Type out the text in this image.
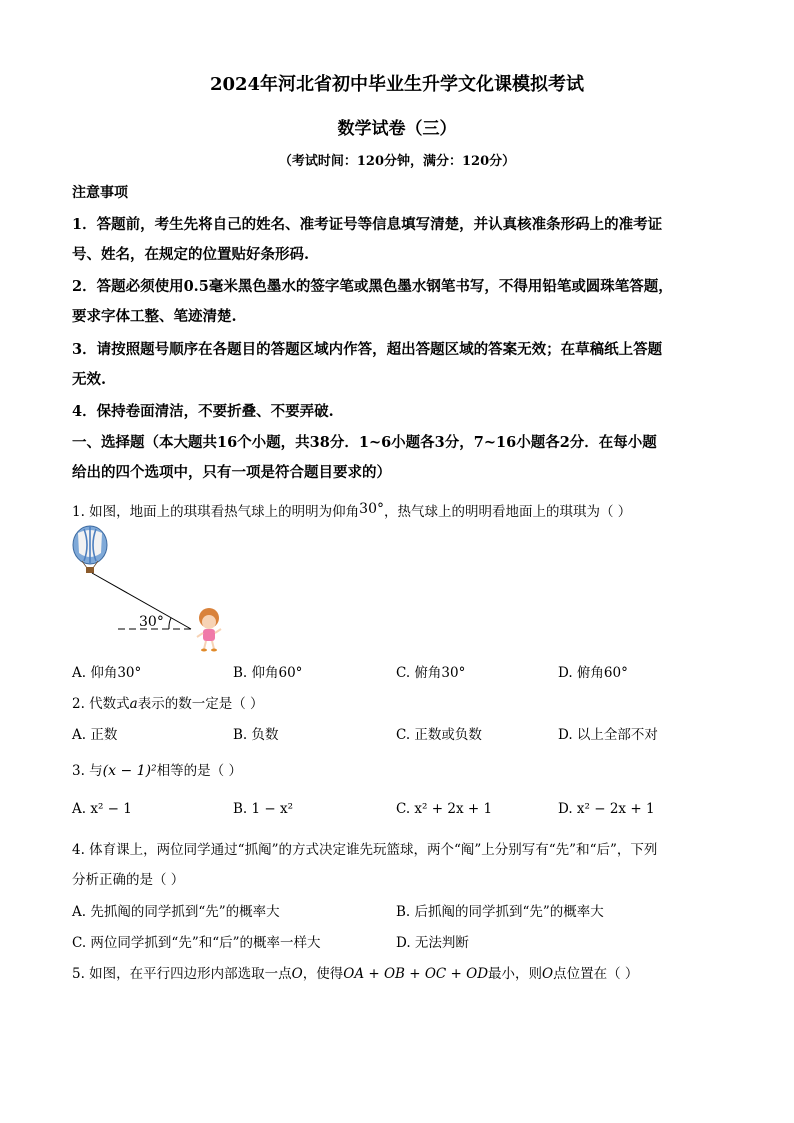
2024年河北省初中毕业生升学文化课模拟考试
数学试卷（三）
（考试时间：120分钟，满分：120分）
注意事项
1．答题前，考生先将自己的姓名、准考证号等信息填写清楚，并认真核准条形码上的准考证
号、姓名，在规定的位置贴好条形码.
2．答题必须使用0.5毫米黑色墨水的签字笔或黑色墨水钢笔书写，不得用铅笔或圆珠笔答题，
要求字体工整、笔迹清楚.
3．请按照题号顺序在各题目的答题区域内作答，超出答题区域的答案无效；在草稿纸上答题
无效.
4．保持卷面清洁，不要折叠、不要弄破.
一、选择题（本大题共16个小题，共38分．1~6小题各3分，7~16小题各2分．在每小题
给出的四个选项中，只有一项是符合题目要求的）
1. 如图，地面上的琪琪看热气球上的明明为仰角30°，热气球上的明明看地面上的琪琪为（ ）
30°
A. 仰角30°	B. 仰角60°	C. 俯角30°	D. 俯角60°
2. 代数式a表示的数一定是（ ）
A. 正数	B. 负数	C. 正数或负数	D. 以上全部不对
3. 与(x − 1)²相等的是（ ）
A. x² − 1	B. 1 − x²	C. x² + 2x + 1	D. x² − 2x + 1
4. 体育课上，两位同学通过“抓阄”的方式决定谁先玩篮球，两个“阄”上分别写有“先”和“后”，下列
分析正确的是（ ）
A. 先抓阄的同学抓到“先”的概率大	B. 后抓阄的同学抓到“先”的概率大
C. 两位同学抓到“先”和“后”的概率一样大	D. 无法判断
5. 如图，在平行四边形内部选取一点O，使得OA + OB + OC + OD最小，则O点位置在（ ）
